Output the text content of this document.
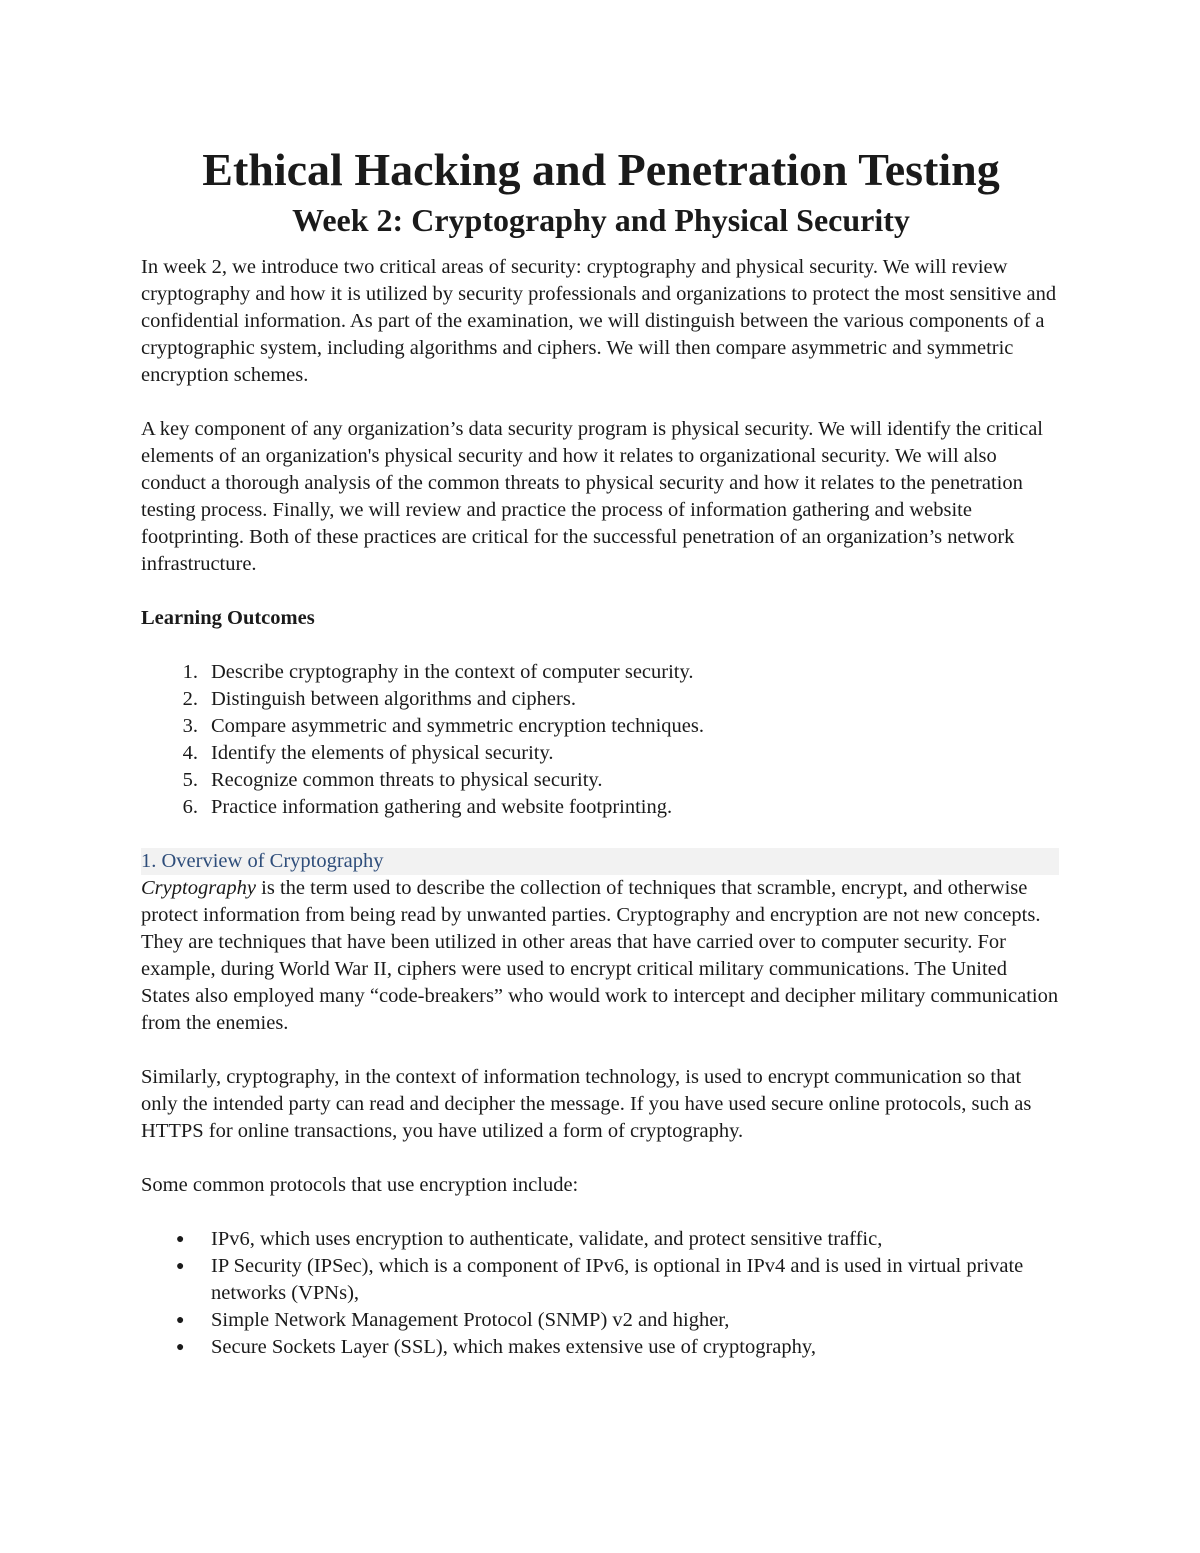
Ethical Hacking and Penetration Testing
Week 2: Cryptography and Physical Security

In week 2, we introduce two critical areas of security: cryptography and physical security. We will review cryptography and how it is utilized by security professionals and organizations to protect the most sensitive and confidential information. As part of the examination, we will distinguish between the various components of a cryptographic system, including algorithms and ciphers. We will then compare asymmetric and symmetric encryption schemes.

A key component of any organization’s data security program is physical security. We will identify the critical elements of an organization's physical security and how it relates to organizational security. We will also conduct a thorough analysis of the common threats to physical security and how it relates to the penetration testing process. Finally, we will review and practice the process of information gathering and website footprinting. Both of these practices are critical for the successful penetration of an organization’s network infrastructure.

Learning Outcomes
1. Describe cryptography in the context of computer security.
2. Distinguish between algorithms and ciphers.
3. Compare asymmetric and symmetric encryption techniques.
4. Identify the elements of physical security.
5. Recognize common threats to physical security.
6. Practice information gathering and website footprinting.
1. Overview of Cryptography

Cryptography is the term used to describe the collection of techniques that scramble, encrypt, and otherwise protect information from being read by unwanted parties. Cryptography and encryption are not new concepts. They are techniques that have been utilized in other areas that have carried over to computer security. For example, during World War II, ciphers were used to encrypt critical military communications. The United States also employed many “code-breakers” who would work to intercept and decipher military communication from the enemies.

Similarly, cryptography, in the context of information technology, is used to encrypt communication so that only the intended party can read and decipher the message. If you have used secure online protocols, such as HTTPS for online transactions, you have utilized a form of cryptography.

Some common protocols that use encryption include:

● IPv6, which uses encryption to authenticate, validate, and protect sensitive traffic,
● IP Security (IPSec), which is a component of IPv6, is optional in IPv4 and is used in virtual private networks (VPNs),
● Simple Network Management Protocol (SNMP) v2 and higher,
● Secure Sockets Layer (SSL), which makes extensive use of cryptography,
